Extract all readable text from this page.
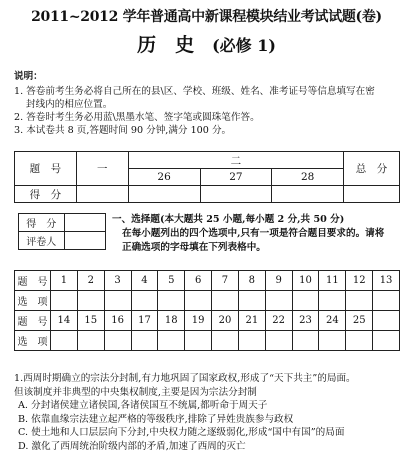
2011~2012 学年普通高中新课程模块结业考试试题(卷)
历　史 (必修 1)
说明：

1. 答卷前考生务必将自己所在的县\区、学校、班级、姓名、准考证号等信息填写在密

封线内的相应位置。

2. 答卷时考生务必用蓝\黑墨水笔、签字笔或圆珠笔作答。

3. 本试卷共 8 页,答题时间 90 分钟,满分 100 分。

题　号	一	二			总　分
		26	27	28	
得　分					
得　分	
评卷人	
一、选择题(本大题共 25 小题,每小题 2 分,共 50 分)
在每小题列出的四个选项中,只有一项是符合题目要求的。请将
正确选项的字母填在下列表格中。
题　号	1	2	3	4	5	6	7	8	9	10	11	12	13
选　项													
题　号	14	15	16	17	18	19	20	21	22	23	24	25	
选　项													

1.西周时期确立的宗法分封制,有力地巩固了国家政权,形成了“天下共主”的局面。

但该制度并非典型的中央集权制度,主要是因为宗法分封制

A. 分封诸侯建立诸侯国,各诸侯国互不统属,都听命于周天子

B. 依靠血缘宗法建立起严格的等级秩序,排除了异姓贵族参与政权

C. 使土地和人口层层向下分封,中央权力随之逐级弱化,形成“国中有国”的局面

D. 激化了西周统治阶级内部的矛盾,加速了西周的灭亡
